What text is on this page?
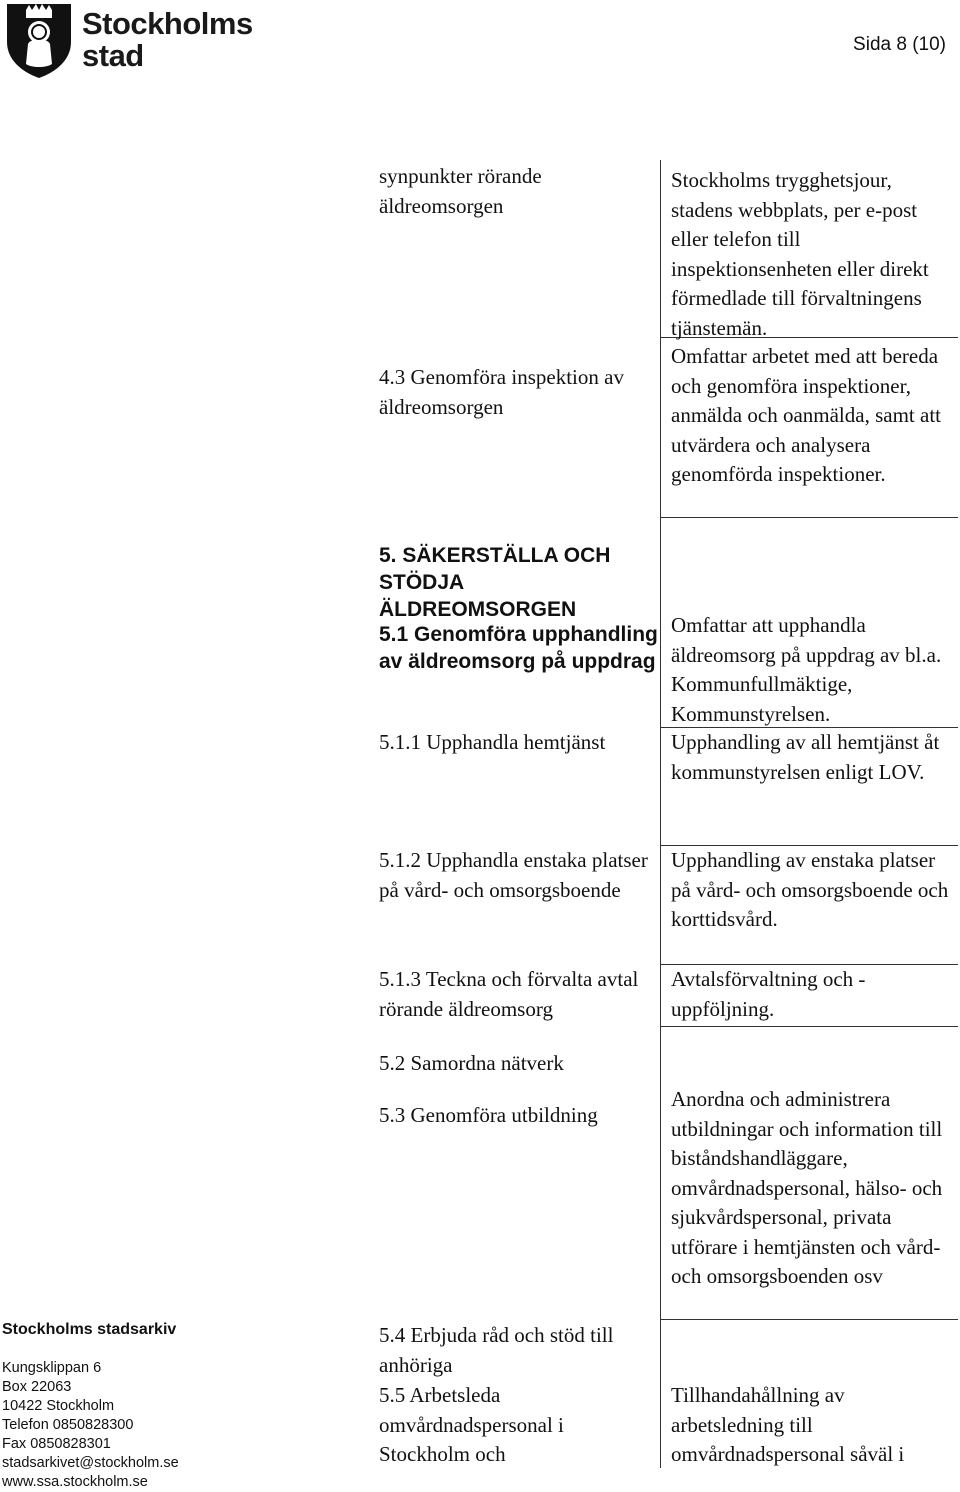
Stockholms
stad	Sida 8 (10)
synpunkter rörande äldreomsorgen
Stockholms trygghetsjour, stadens webbplats, per e-post eller telefon till inspektionsenheten eller direkt förmedlade till förvaltningens tjänstemän.
4.3 Genomföra inspektion av äldreomsorgen
Omfattar arbetet med att bereda och genomföra inspektioner, anmälda och oanmälda, samt att utvärdera och analysera genomförda inspektioner.
5. SÄKERSTÄLLA OCH STÖDJA ÄLDREOMSORGEN
5.1 Genomföra upphandling av äldreomsorg på uppdrag
Omfattar att upphandla äldreomsorg på uppdrag av bl.a. Kommunfullmäktige, Kommunstyrelsen.
5.1.1 Upphandla hemtjänst	Upphandling av all hemtjänst åt kommunstyrelsen enligt LOV.
5.1.2 Upphandla enstaka platser på vård- och omsorgsboende
Upphandling av enstaka platser på vård- och omsorgsboende och korttidsvård.
5.1.3 Teckna och förvalta avtal rörande äldreomsorg
Avtalsförvaltning och -uppföljning.
5.2 Samordna nätverk
5.3 Genomföra utbildning
Anordna och administrera utbildningar och information till biståndshandläggare, omvårdnadspersonal, hälso- och sjukvårdspersonal, privata utförare i hemtjänsten och vård- och omsorgsboenden osv
5.4 Erbjuda råd och stöd till anhöriga
5.5 Arbetsleda omvårdnadspersonal i Stockholm och
Tillhandahållning av arbetsledning till omvårdnadspersonal såväl i
Stockholms stadsarkiv
Kungsklippan 6
Box 22063
10422 Stockholm
Telefon 0850828300
Fax 0850828301
stadsarkivet@stockholm.se
www.ssa.stockholm.se
